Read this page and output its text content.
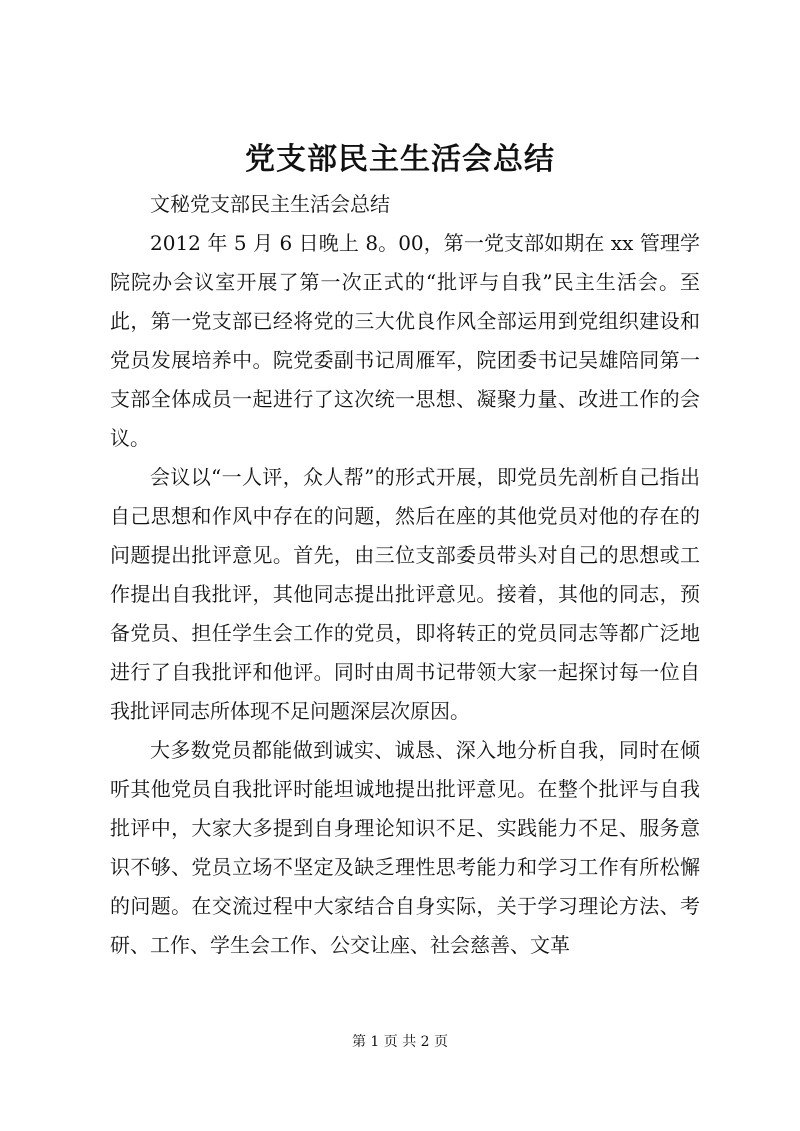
党支部民主生活会总结

文秘党支部民主生活会总结

2012 年 5 月 6 日晚上 8。00，第一党支部如期在 xx 管理学院院办会议室开展了第一次正式的“批评与自我”民主生活会。至此，第一党支部已经将党的三大优良作风全部运用到党组织建设和党员发展培养中。院党委副书记周雁军，院团委书记吴雄陪同第一支部全体成员一起进行了这次统一思想、凝聚力量、改进工作的会议。

会议以“一人评，众人帮”的形式开展，即党员先剖析自己指出自己思想和作风中存在的问题，然后在座的其他党员对他的存在的问题提出批评意见。首先，由三位支部委员带头对自己的思想或工作提出自我批评，其他同志提出批评意见。接着，其他的同志，预备党员、担任学生会工作的党员，即将转正的党员同志等都广泛地进行了自我批评和他评。同时由周书记带领大家一起探讨每一位自我批评同志所体现不足问题深层次原因。

大多数党员都能做到诚实、诚恳、深入地分析自我，同时在倾听其他党员自我批评时能坦诚地提出批评意见。在整个批评与自我批评中，大家大多提到自身理论知识不足、实践能力不足、服务意识不够、党员立场不坚定及缺乏理性思考能力和学习工作有所松懈的问题。在交流过程中大家结合自身实际，关于学习理论方法、考研、工作、学生会工作、公交让座、社会慈善、文革

第 1 页 共 2 页
